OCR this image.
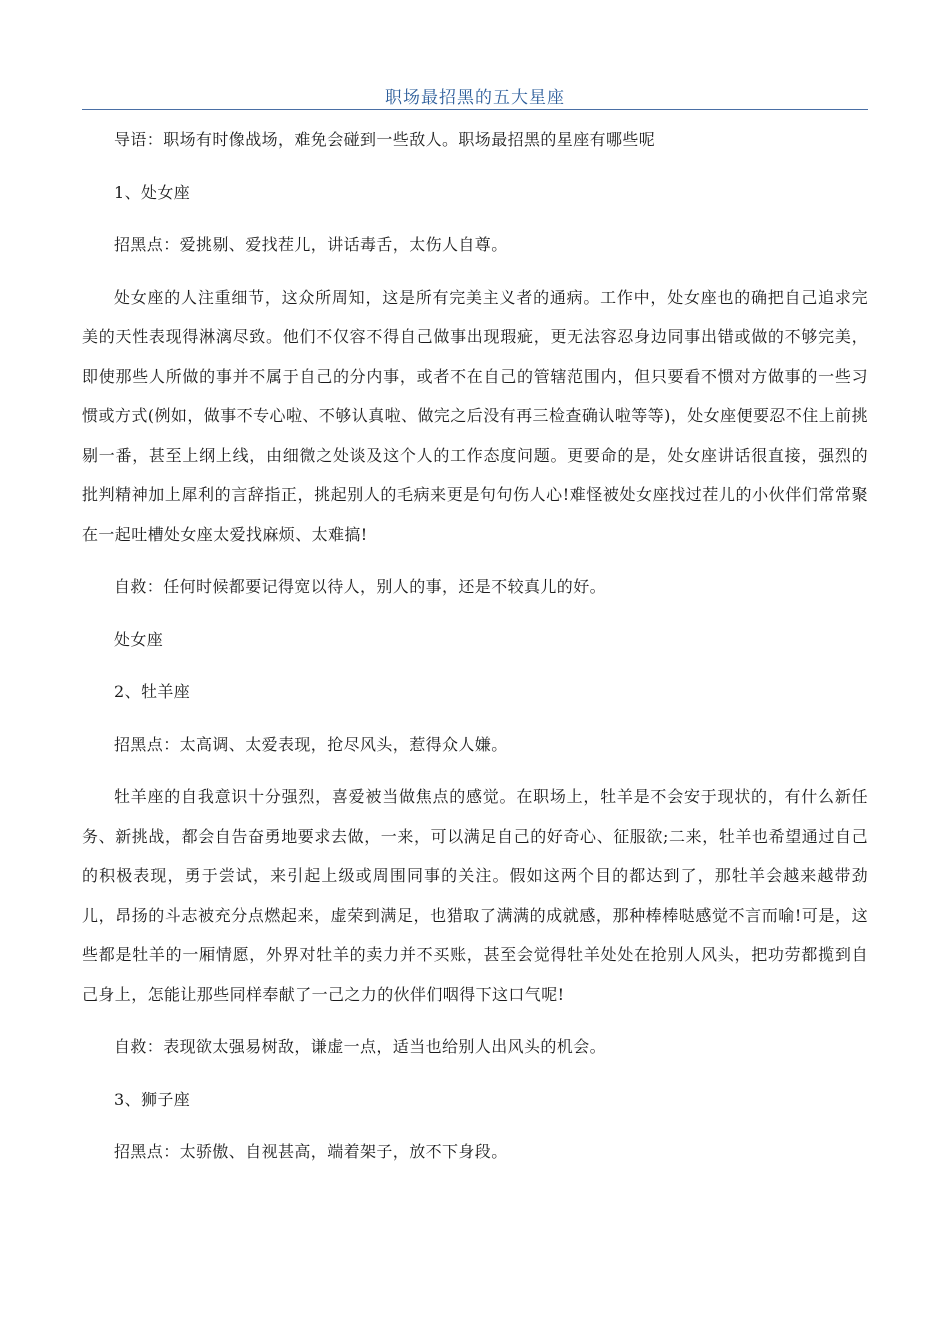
职场最招黑的五大星座

导语：职场有时像战场，难免会碰到一些敌人。职场最招黑的星座有哪些呢

1、处女座

招黑点：爱挑剔、爱找茬儿，讲话毒舌，太伤人自尊。

处女座的人注重细节，这众所周知，这是所有完美主义者的通病。工作中，处女座也的确把自己追求完美的天性表现得淋漓尽致。他们不仅容不得自己做事出现瑕疵，更无法容忍身边同事出错或做的不够完美，即使那些人所做的事并不属于自己的分内事，或者不在自己的管辖范围内，但只要看不惯对方做事的一些习惯或方式(例如，做事不专心啦、不够认真啦、做完之后没有再三检查确认啦等等)，处女座便要忍不住上前挑剔一番，甚至上纲上线，由细微之处谈及这个人的工作态度问题。更要命的是，处女座讲话很直接，强烈的批判精神加上犀利的言辞指正，挑起别人的毛病来更是句句伤人心!难怪被处女座找过茬儿的小伙伴们常常聚在一起吐槽处女座太爱找麻烦、太难搞!

自救：任何时候都要记得宽以待人，别人的事，还是不较真儿的好。

处女座

2、牡羊座

招黑点：太高调、太爱表现，抢尽风头，惹得众人嫌。

牡羊座的自我意识十分强烈，喜爱被当做焦点的感觉。在职场上，牡羊是不会安于现状的，有什么新任务、新挑战，都会自告奋勇地要求去做，一来，可以满足自己的好奇心、征服欲;二来，牡羊也希望通过自己的积极表现，勇于尝试，来引起上级或周围同事的关注。假如这两个目的都达到了，那牡羊会越来越带劲儿，昂扬的斗志被充分点燃起来，虚荣到满足，也猎取了满满的成就感，那种棒棒哒感觉不言而喻!可是，这些都是牡羊的一厢情愿，外界对牡羊的卖力并不买账，甚至会觉得牡羊处处在抢别人风头，把功劳都揽到自己身上，怎能让那些同样奉献了一己之力的伙伴们咽得下这口气呢!

自救：表现欲太强易树敌，谦虚一点，适当也给别人出风头的机会。

3、狮子座

招黑点：太骄傲、自视甚高，端着架子，放不下身段。
